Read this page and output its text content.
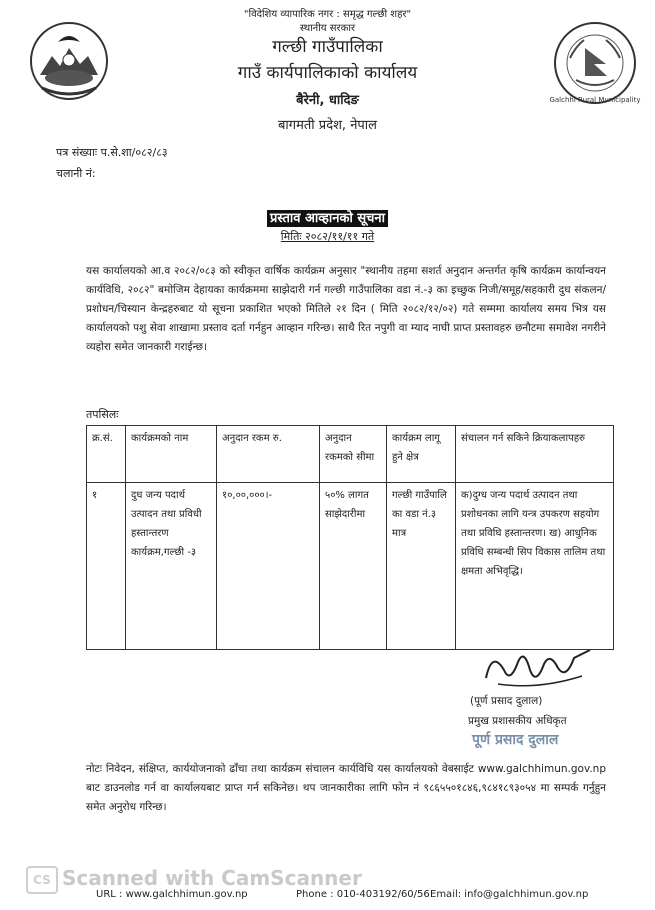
"विदेशिय व्यापारिक नगर : समृद्ध गल्छी शहर"
स्थानीय सरकार
गल्छी गाउँपालिका
गाउँ कार्यपालिकाको कार्यालय
बैरेनी, धादिङ
बागमती प्रदेश, नेपाल
Galchhi Rural Municipality
पत्र संख्याः प.से.शा/०८२/८३
चलानी नं:
प्रस्ताव आव्हानको सूचना
मितिः २०८२/११/११ गते
यस कार्यालयको आ.व २०८२/०८३ को स्वीकृत वार्षिक कार्यक्रम अनुसार "स्थानीय तहमा सशर्त अनुदान अन्तर्गत कृषि कार्यक्रम कार्यान्वयन कार्यविधि, २०८२" बमोजिम देहायका कार्यक्रममा साझेदारी गर्न गल्छी गाउँपालिका वडा नं.-३ का इच्छुक निजी/समूह/सहकारी दुध संकलन/प्रशोधन/चिस्यान केन्द्रहरुबाट यो सूचना प्रकाशित भएको मितिले २१ दिन ( मिति २०८२/१२/०२) गते सम्ममा कार्यालय समय भित्र यस कार्यालयको पशु सेवा शाखामा प्रस्ताव दर्ता गर्नहुन आव्हान गरिन्छ। साथै रित नपुगी वा म्याद नाघी प्राप्त प्रस्तावहरु छनौटमा समावेश नगरीने व्यहोरा समेत जानकारी गराईन्छ।
तपसिलः
क्र.सं.	कार्यक्रमको नाम	अनुदान रकम रु.	अनुदान रकमको सीमा	कार्यक्रम लागू हुने क्षेत्र	संचालन गर्न सकिने क्रियाकलापहरु
१	दुध जन्य पदार्थ उत्पादन तथा प्रविधी हस्तान्तरण कार्यक्रम,गल्छी -३	१०,००,०००।-	५०% लागत साझेदारीमा	गल्छी गाउँपालि का वडा नं.३ मात्र	क)दुग्ध जन्य पदार्थ उत्पादन तथा प्रशोधनका लागि यन्त्र उपकरण सहयोग तथा प्रविधि हस्तान्तरण। ख) आधुनिक प्रविधि सम्बन्धी सिप विकास तालिम तथा क्षमता अभिवृद्धि।
(पूर्ण प्रसाद दुलाल)
प्रमुख प्रशासकीय अधिकृत
पूर्ण प्रसाद दुलाल
नोटः निवेदन, संक्षिप्त, कार्ययोजनाको ढाँचा तथा कार्यक्रम संचालन कार्यविधि यस कार्यालयको वेबसाईट www.galchhimun.gov.np बाट डाउनलोड गर्न वा कार्यालयबाट प्राप्त गर्न सकिनेछ। थप जानकारीका लागि फोन नं ९८६५५०१८४६,९८४१८९३०५४ मा सम्पर्क गर्नुहुन समेत अनुरोध गरिन्छ।
CS Scanned with CamScanner
URL : www.galchhimun.gov.np	Phone : 010-403192/60/56 Email: info@galchhimun.gov.np
